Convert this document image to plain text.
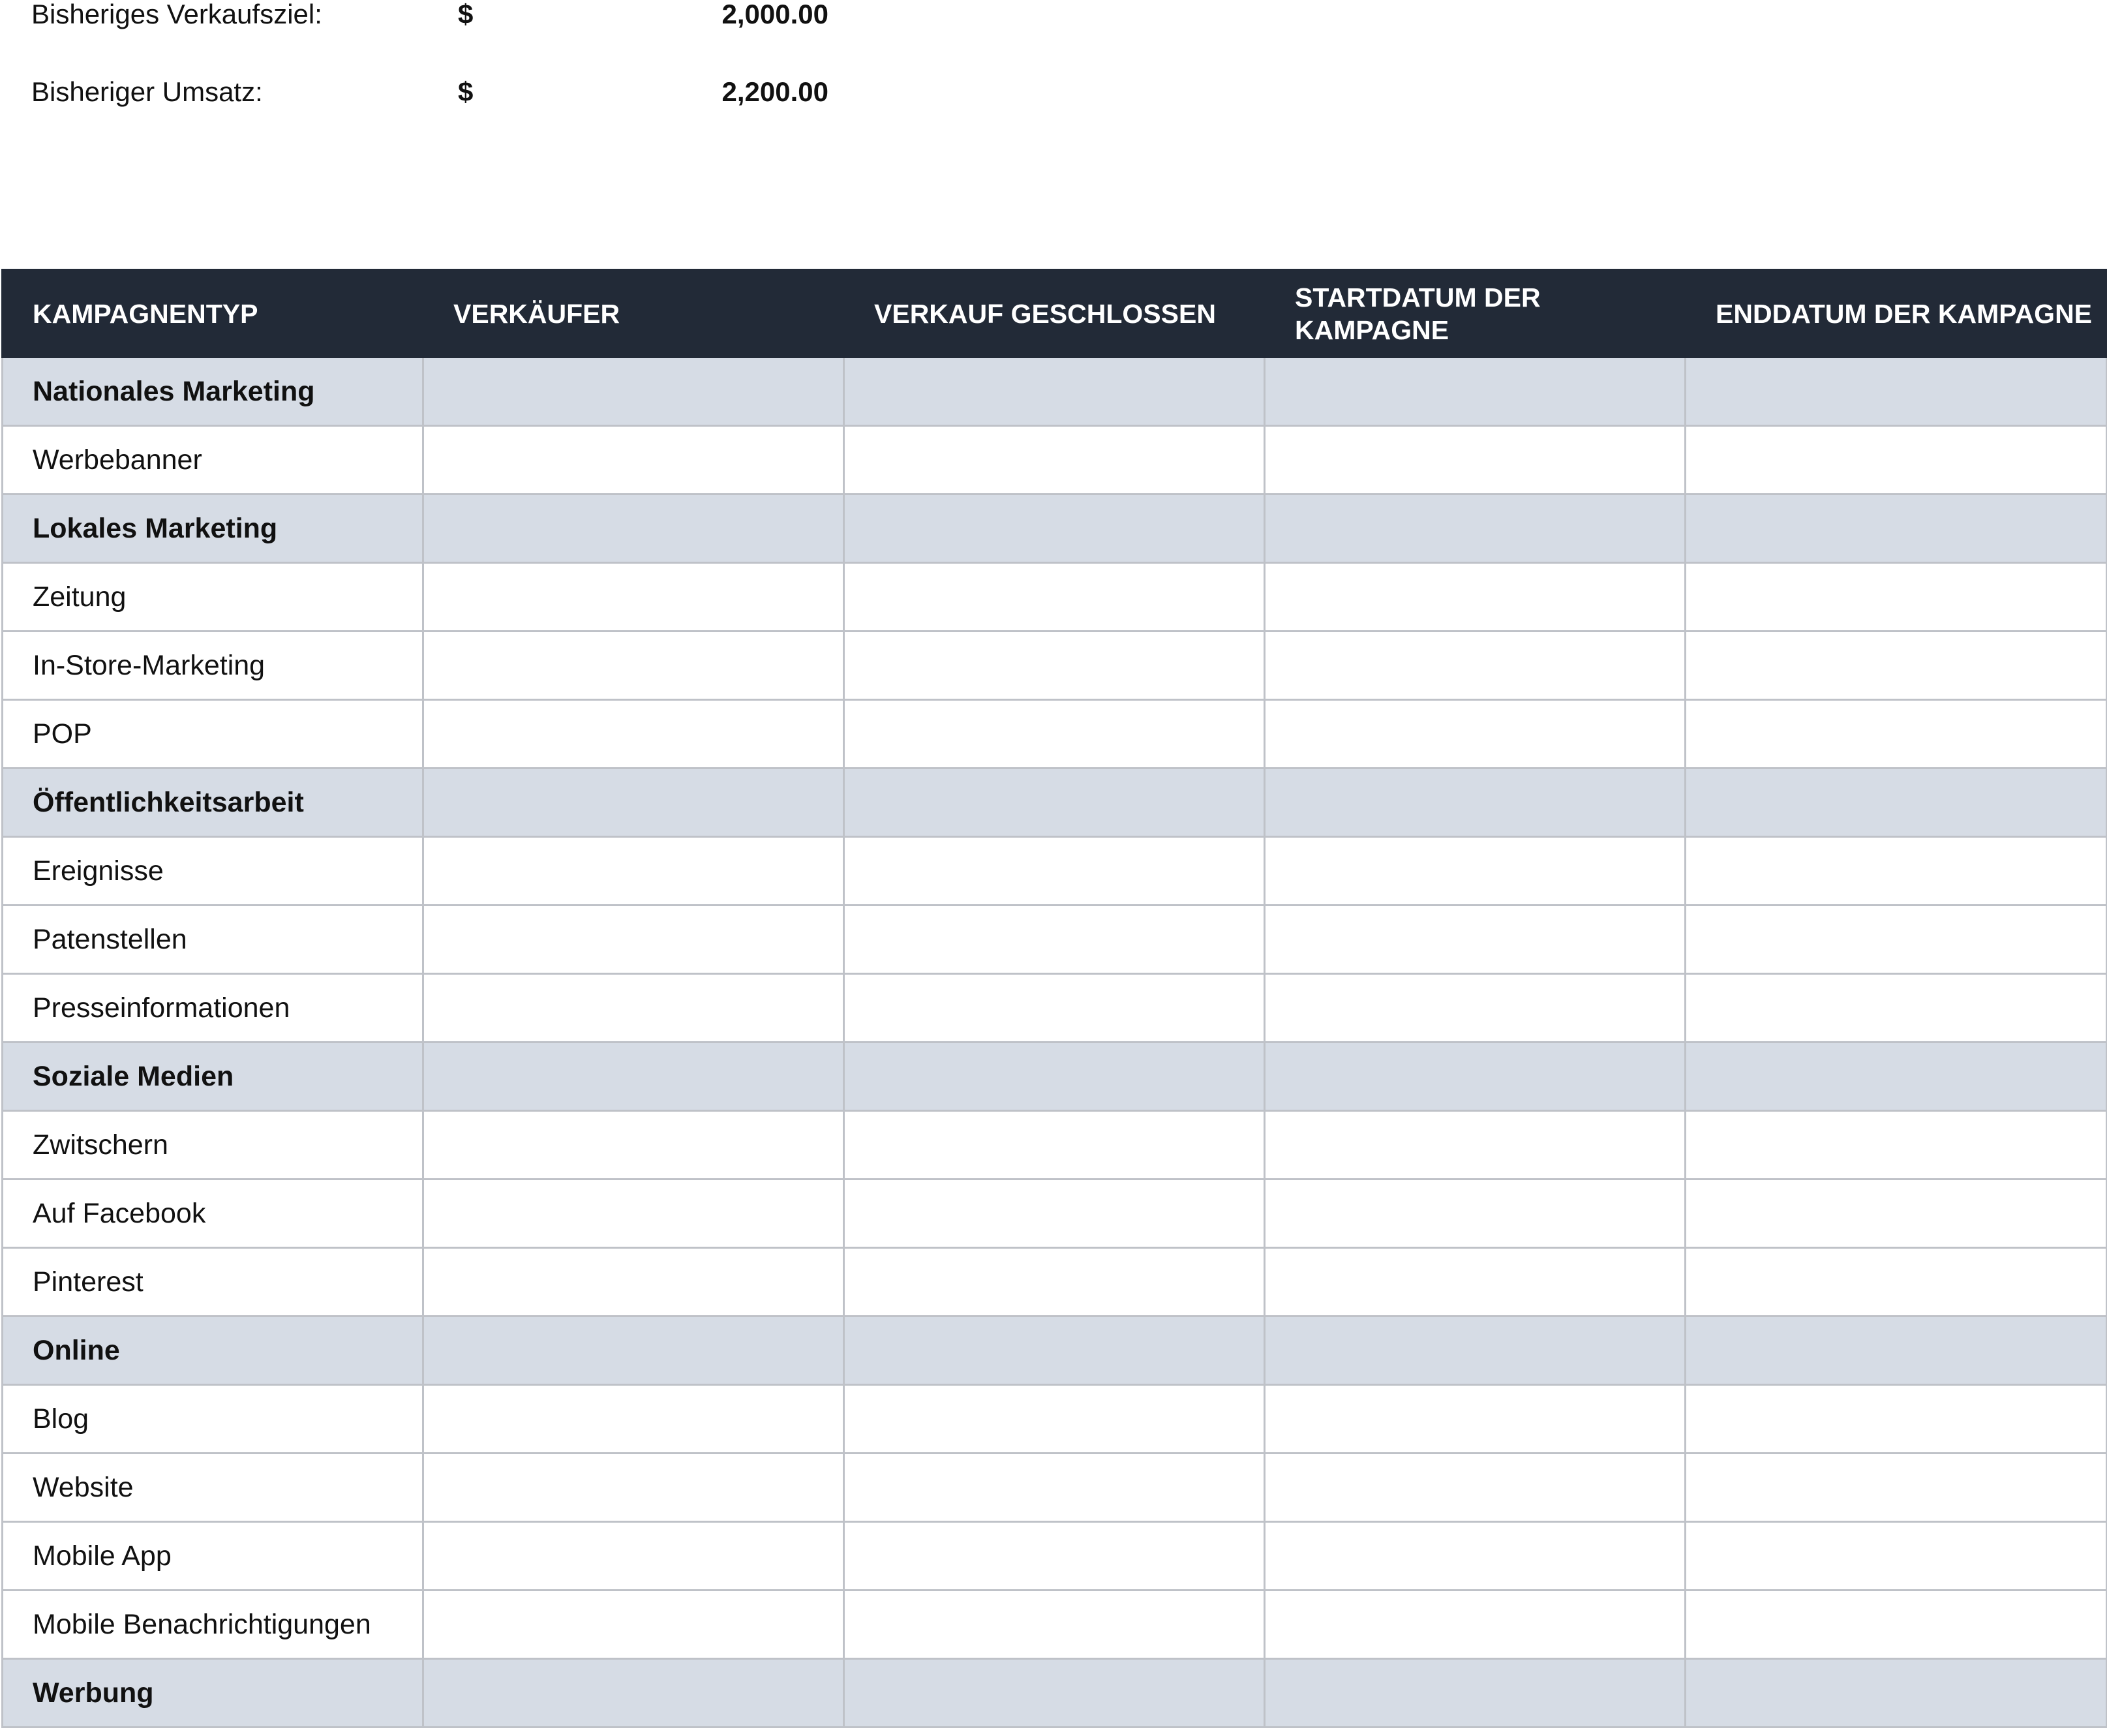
Bisheriges Verkaufsziel:	$	2,000.00
Bisheriger Umsatz:	$	2,200.00
KAMPAGNENTYP	VERKÄUFER	VERKAUF GESCHLOSSEN	STARTDATUM DER KAMPAGNE	ENDDATUM DER KAMPAGNE
Nationales Marketing				
Werbebanner				
Lokales Marketing				
Zeitung				
In-Store-Marketing				
POP				
Öffentlichkeitsarbeit				
Ereignisse				
Patenstellen				
Presseinformationen				
Soziale Medien				
Zwitschern				
Auf Facebook				
Pinterest				
Online				
Blog				
Website				
Mobile App				
Mobile Benachrichtigungen				
Werbung				
